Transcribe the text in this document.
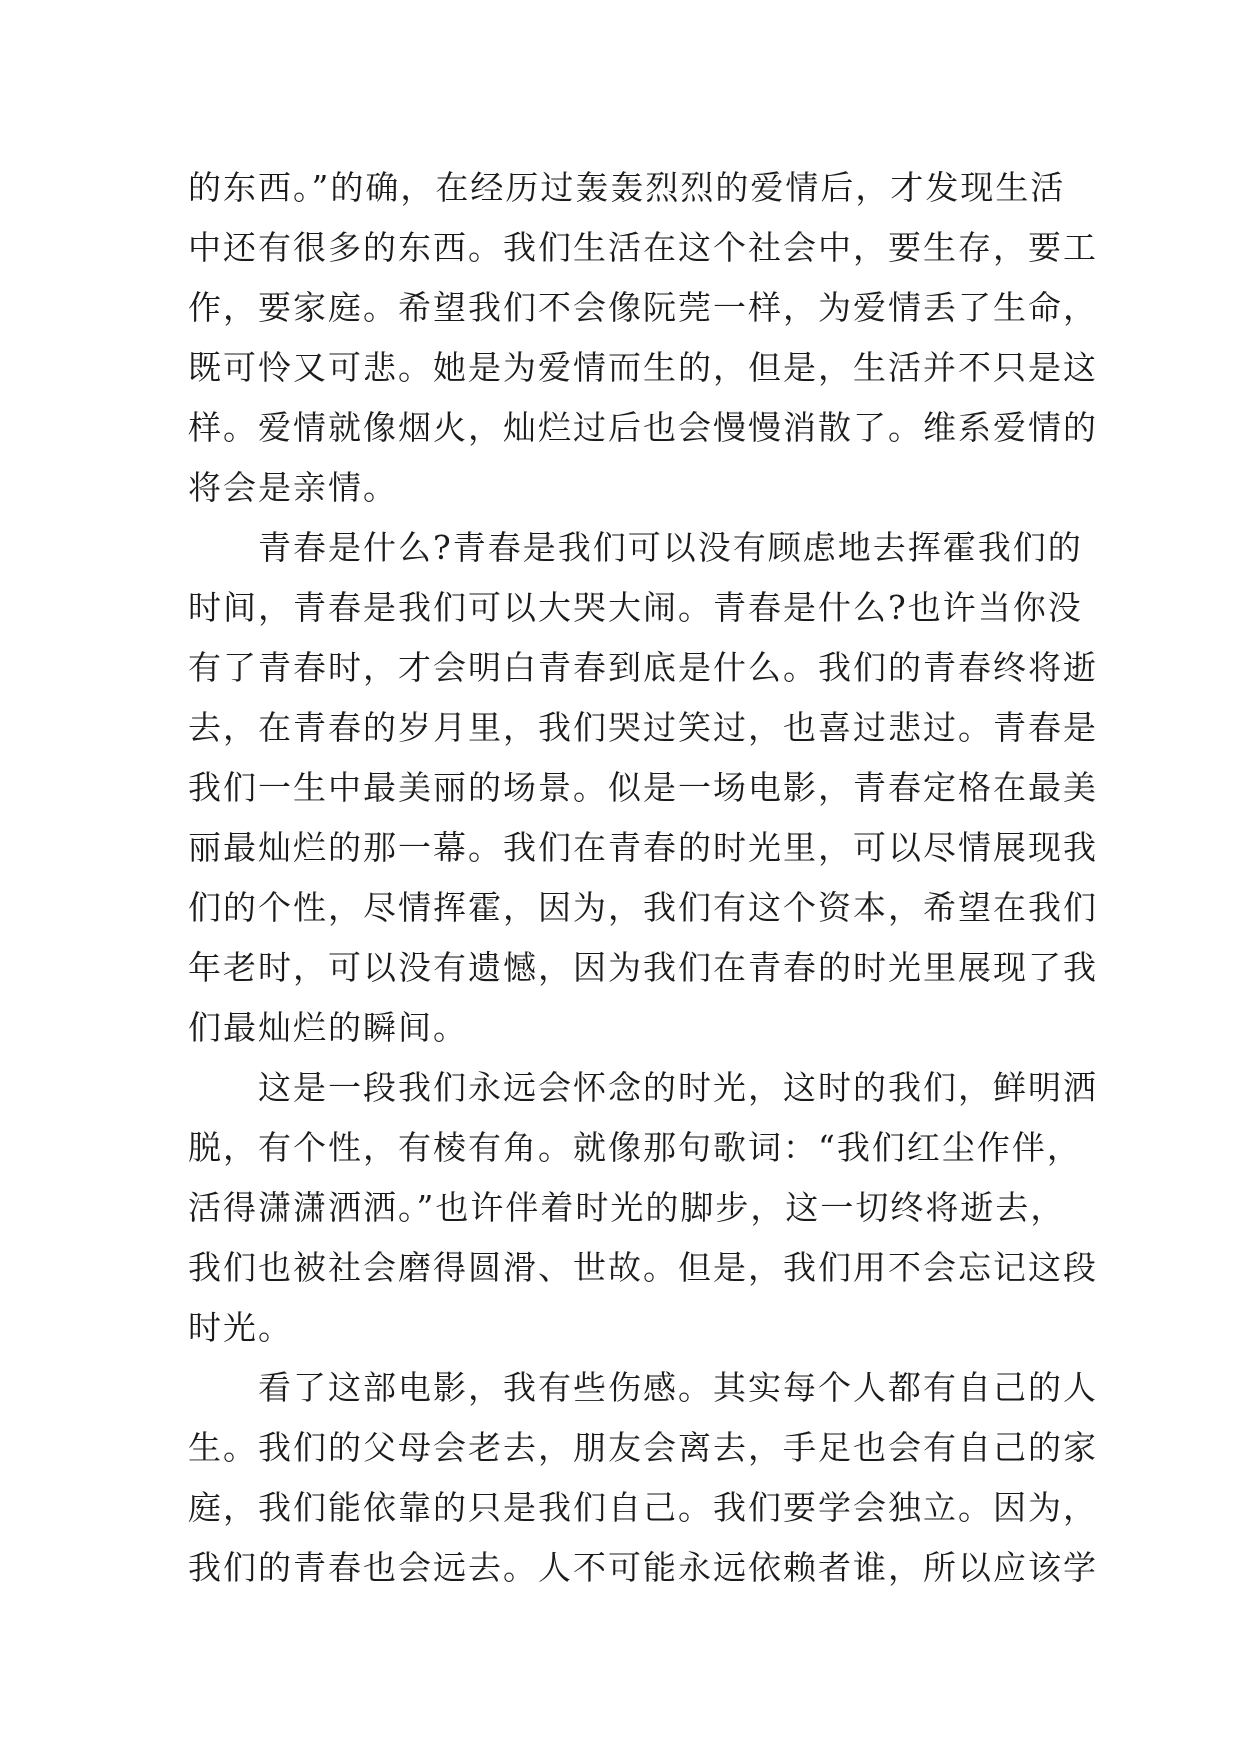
的东西。”的确，在经历过轰轰烈烈的爱情后，才发现生活
中还有很多的东西。我们生活在这个社会中，要生存，要工
作，要家庭。希望我们不会像阮莞一样，为爱情丢了生命，
既可怜又可悲。她是为爱情而生的，但是，生活并不只是这
样。爱情就像烟火，灿烂过后也会慢慢消散了。维系爱情的
将会是亲情。
青春是什么?青春是我们可以没有顾虑地去挥霍我们的
时间，青春是我们可以大哭大闹。青春是什么?也许当你没
有了青春时，才会明白青春到底是什么。我们的青春终将逝
去，在青春的岁月里，我们哭过笑过，也喜过悲过。青春是
我们一生中最美丽的场景。似是一场电影，青春定格在最美
丽最灿烂的那一幕。我们在青春的时光里，可以尽情展现我
们的个性，尽情挥霍，因为，我们有这个资本，希望在我们
年老时，可以没有遗憾，因为我们在青春的时光里展现了我
们最灿烂的瞬间。
这是一段我们永远会怀念的时光，这时的我们，鲜明洒
脱，有个性，有棱有角。就像那句歌词：“我们红尘作伴，
活得潇潇洒洒。”也许伴着时光的脚步，这一切终将逝去，
我们也被社会磨得圆滑、世故。但是，我们用不会忘记这段
时光。
看了这部电影，我有些伤感。其实每个人都有自己的人
生。我们的父母会老去，朋友会离去，手足也会有自己的家
庭，我们能依靠的只是我们自己。我们要学会独立。因为，
我们的青春也会远去。人不可能永远依赖者谁，所以应该学
